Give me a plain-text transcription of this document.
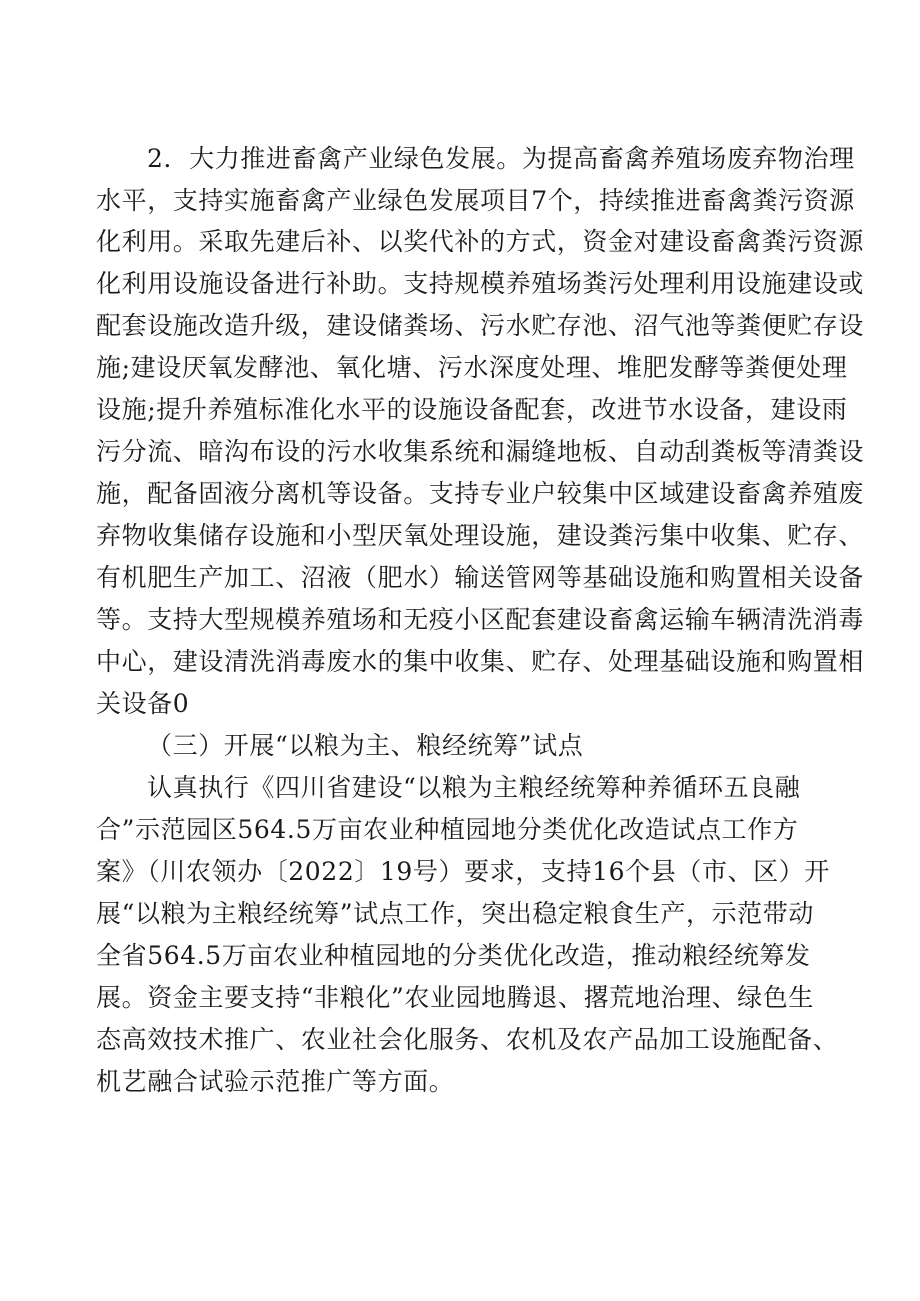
2．大力推进畜禽产业绿色发展。为提高畜禽养殖场废弃物治理
水平，支持实施畜禽产业绿色发展项目7个，持续推进畜禽粪污资源
化利用。采取先建后补、以奖代补的方式，资金对建设畜禽粪污资源
化利用设施设备进行补助。支持规模养殖场粪污处理利用设施建设或
配套设施改造升级，建设储粪场、污水贮存池、沼气池等粪便贮存设
施;建设厌氧发酵池、氧化塘、污水深度处理、堆肥发酵等粪便处理
设施;提升养殖标准化水平的设施设备配套，改进节水设备，建设雨
污分流、暗沟布设的污水收集系统和漏缝地板、自动刮粪板等清粪设
施，配备固液分离机等设备。支持专业户较集中区域建设畜禽养殖废
弃物收集储存设施和小型厌氧处理设施，建设粪污集中收集、贮存、
有机肥生产加工、沼液（肥水）输送管网等基础设施和购置相关设备
等。支持大型规模养殖场和无疫小区配套建设畜禽运输车辆清洗消毒
中心，建设清洗消毒废水的集中收集、贮存、处理基础设施和购置相
关设备0
（三）开展“以粮为主、粮经统筹”试点
认真执行《四川省建设“以粮为主粮经统筹种养循环五良融
合”示范园区564.5万亩农业种植园地分类优化改造试点工作方
案》（川农领办〔2022〕19号）要求，支持16个县（市、区）开
展“以粮为主粮经统筹”试点工作，突出稳定粮食生产，示范带动
全省564.5万亩农业种植园地的分类优化改造，推动粮经统筹发
展。资金主要支持“非粮化”农业园地腾退、撂荒地治理、绿色生
态高效技术推广、农业社会化服务、农机及农产品加工设施配备、
机艺融合试验示范推广等方面。
